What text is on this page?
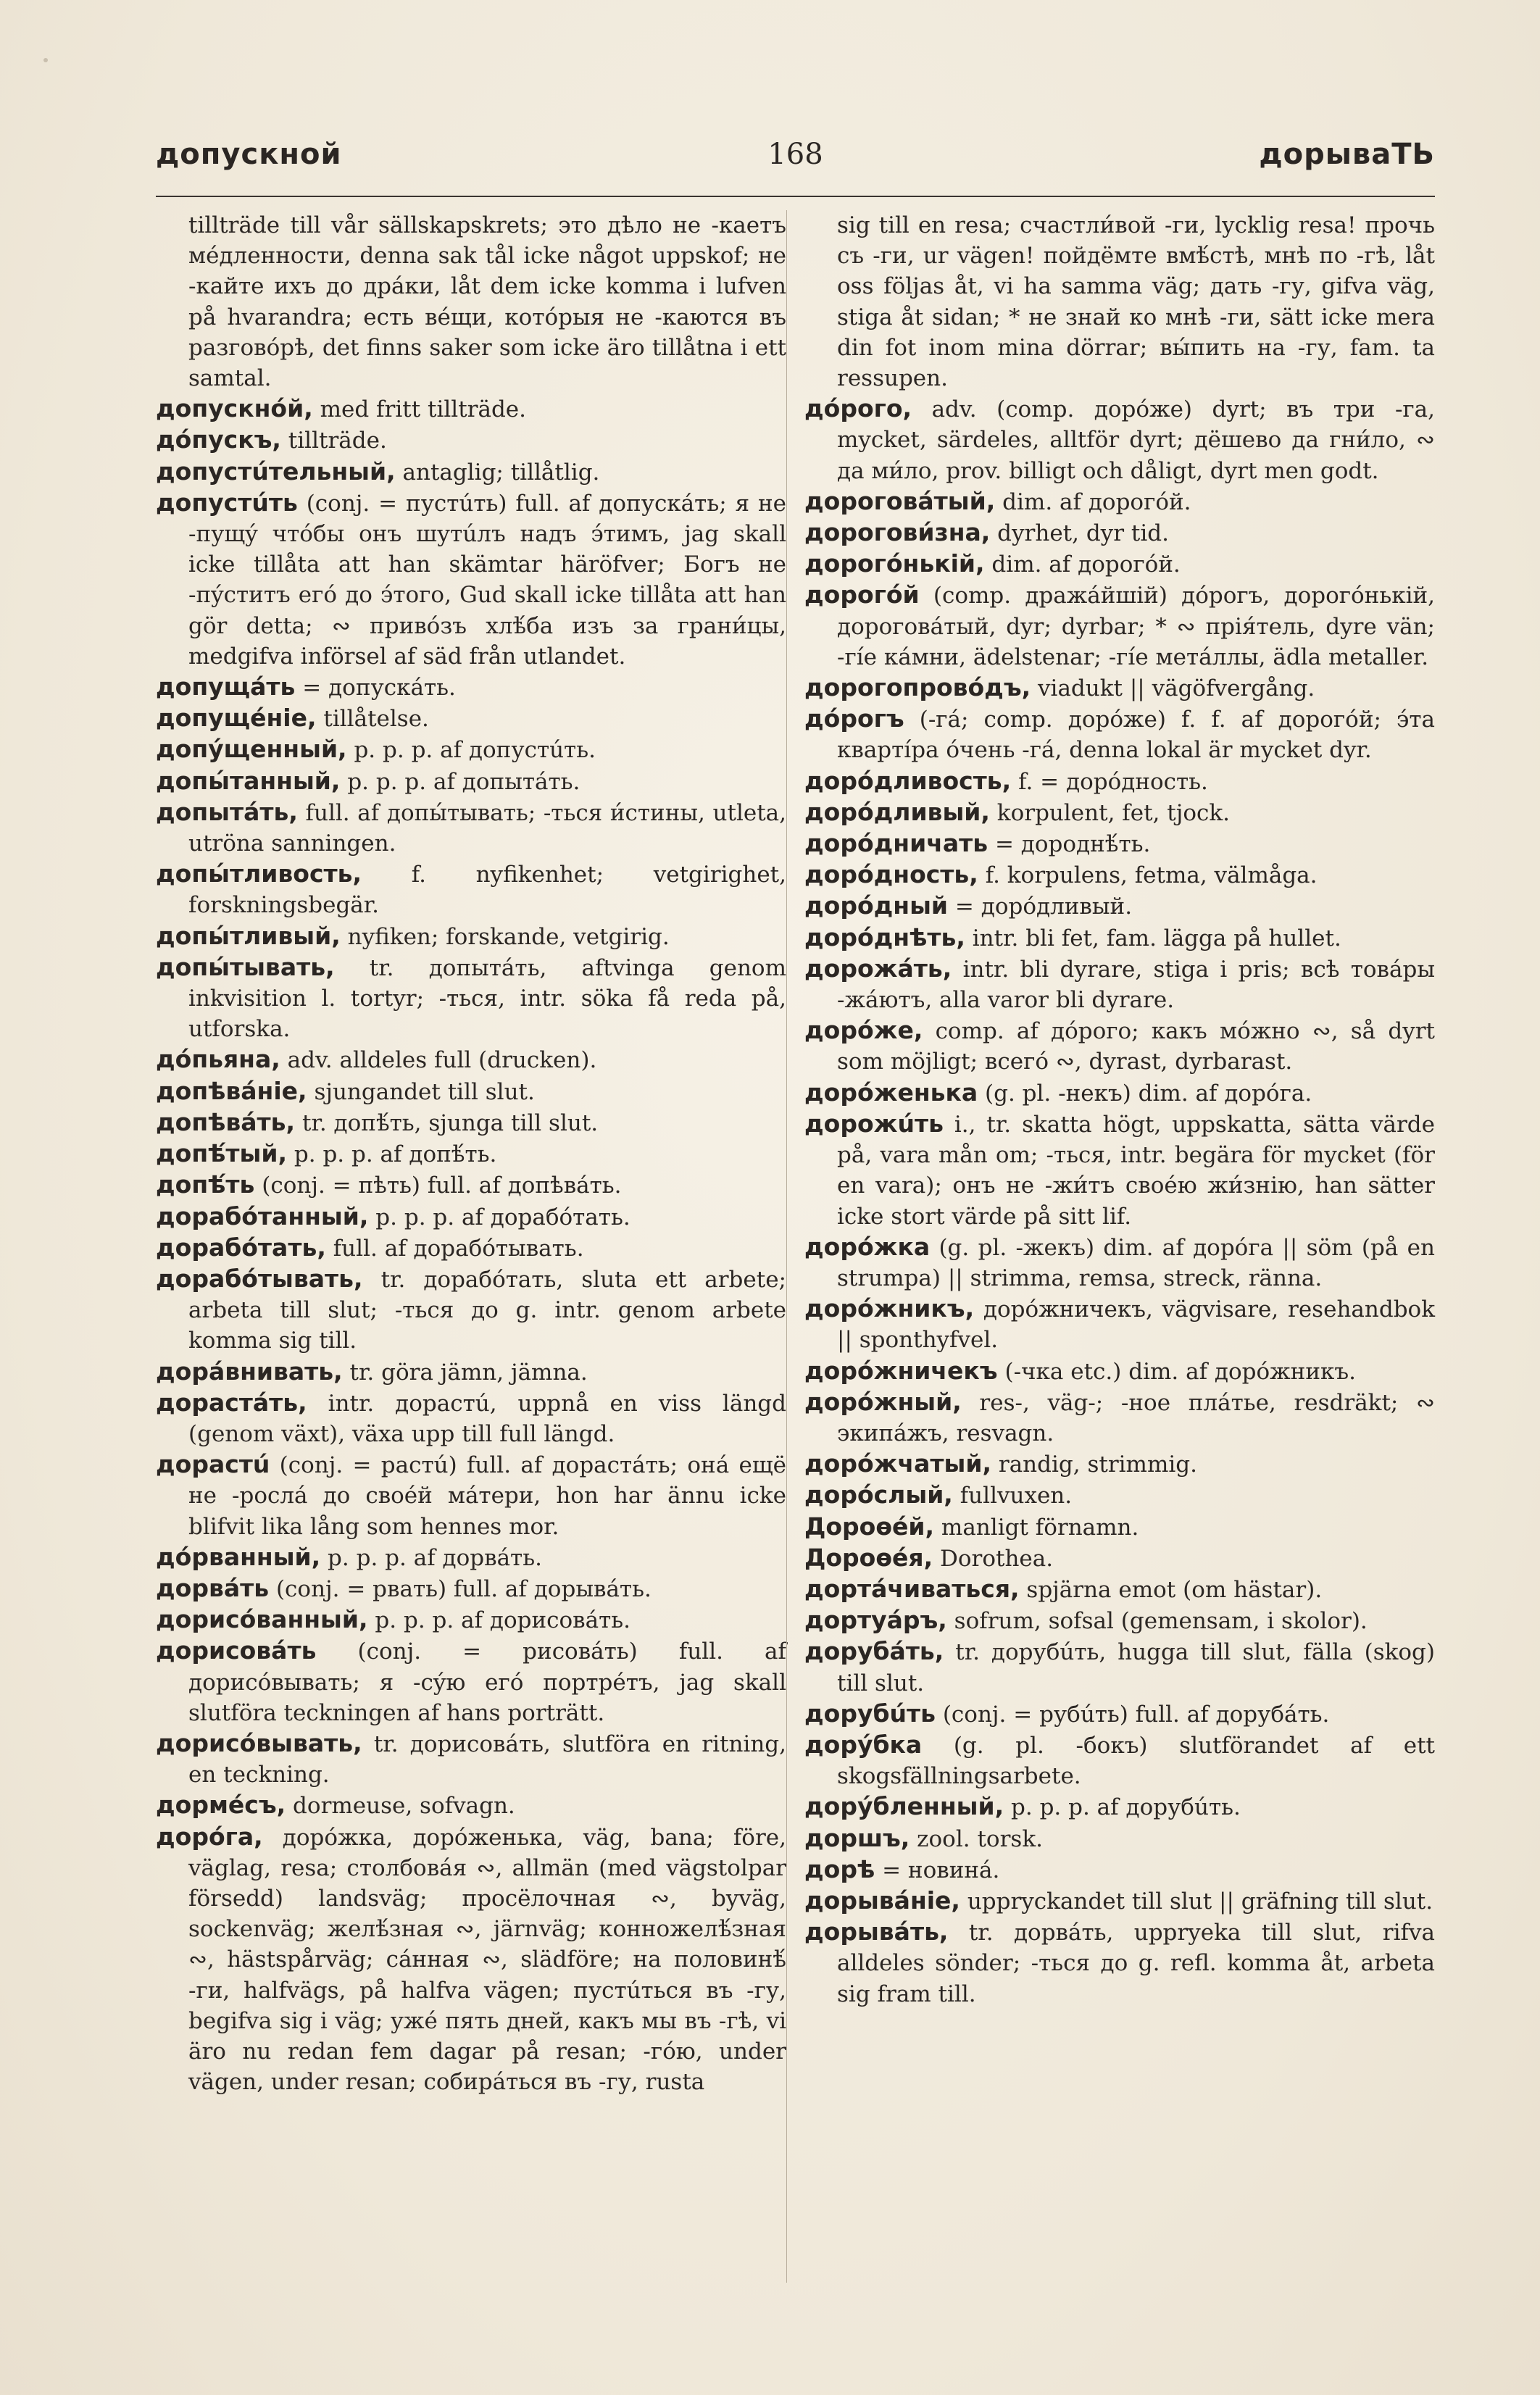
допускной	168	дорываТЬ

tillträde till vår sällskapskrets; это дѣло не -каетъ мéдленности, denna sak tål icke något uppskof; не -кайте ихъ до дрáки, låt dem icke komma i lufven på hvarandra; есть вéщи, котóрыя не -каются въ разговóрѣ, det finns saker som icke äro tillåtna i ett samtal.

допускнóй, med fritt tillträde.

дóпускъ, tillträde.

допустúтельный, antaglig; tillåtlig.

допустúть (conj. = пустúть) full. af допускáть; я не -пущý чтóбы онъ шутúлъ надъ э́тимъ, jag skall icke tillåta att han skämtar häröfver; Богъ не -пýститъ егó до э́того, Gud skall icke tillåta att han gör detta; ∾ привóзъ хлѣ́ба изъ за грани́цы, medgifva införsel af säd från utlandet.

допущáть = допускáть.

допущéніе, tillåtelse.

допýщенный, p. p. p. af допустúть.

допы́танный, p. p. p. af допытáть.

допытáть, full. af допы́тывать; -ться и́стины, utleta, utröna sanningen.

допы́тливость, f. nyfikenhet; vetgirighet, forskningsbegär.

допы́тливый, nyfiken; forskande, vetgirig.

допы́тывать, tr. допытáть, aftvinga genom inkvisition l. tortyr; -ться, intr. söka få reda på, utforska.

дóпьяна, adv. alldeles full (drucken).

допѣвáніе, sjungandet till slut.

допѣвáть, tr. допѣ́ть, sjunga till slut.

допѣ́тый, p. p. p. af допѣ́ть.

допѣ́ть (conj. = пѣть) full. af допѣвáть.

дорабóтанный, p. p. p. af дорабóтать.

дорабóтать, full. af дорабóтывать.

дорабóтывать, tr. дорабóтать, sluta ett arbete; arbeta till slut; -ться до g. intr. genom arbete komma sig till.

дорáвнивать, tr. göra jämn, jämna.

дорастáть, intr. дорастú, uppnå en viss längd (genom växt), växa upp till full längd.

дорастú (conj. = растú) full. af дорастáть; онá ещё не -рослá до своéй мáтери, hon har ännu icke blifvit lika lång som hennes mor.

дóрванный, p. p. p. af дорвáть.

дорвáть (conj. = рвать) full. af дорывáть.

дорисóванный, p. p. p. af дорисовáть.

дорисовáть (conj. = рисовáть) full. af дорисóвывать; я -сýю егó портрéтъ, jag skall slutföra teckningen af hans porträtt.

дорисóвывать, tr. дорисовáть, slutföra en ritning, en teckning.

дормéсъ, dormeuse, sofvagn.

дорóга, дорóжка, дорóженька, väg, bana; före, väglag, resa; столбовáя ∾, allmän (med vägstolpar försedd) landsväg; просёлочная ∾, byväg, sockenväg; желѣ́зная ∾, järnväg; конножелѣ́зная ∾, hästspårväg; сáнная ∾, slädföre; на половинѣ́ -ги, halfvägs, på halfva vägen; пустúться въ -гу, begifva sig i väg; ужé пять дней, какъ мы въ -гѣ, vi äro nu redan fem dagar på resan; -гóю, under vägen, under resan; собирáться въ -гу, rusta

sig till en resa; счастли́вой -ги, lycklig resa! прочь съ -ги, ur vägen! пойдёмте вмѣ́стѣ, мнѣ по -гѣ, låt oss följas åt, vi ha samma väg; дать -гу, gifva väg, stiga åt sidan; * не знай ко мнѣ -ги, sätt icke mera din fot inom mina dörrar; вы́пить на -гу, fam. ta ressupen.

дóрого, adv. (comp. дорóже) dyrt; въ три -га, mycket, särdeles, alltför dyrt; дёшево да гни́ло, ∾ да ми́ло, prov. billigt och dåligt, dyrt men godt.

дороговáтый, dim. af дорогóй.

дорогови́зна, dyrhet, dyr tid.

дорогóнькій, dim. af дорогóй.

дорогóй (comp. дражáйшій) дóрогъ, дорогóнькій, дороговáтый, dyr; dyrbar; * ∾ прія́тель, dyre vän; -гíе кáмни, ädelstenar; -гíе метáллы, ädla metaller.

дорогопровóдъ, viadukt || vägöfvergång.

дóрогъ (-гá; comp. дорóже) f. f. af дорогóй; э́та квартíра óчень -гá, denna lokal är mycket dyr.

дорóдливость, f. = дорóдность.

дорóдливый, korpulent, fet, tjock.

дорóдничать = дороднѣ́ть.

дорóдность, f. korpulens, fetma, välmåga.

дорóдный = дорóдливый.

дорóднѣть, intr. bli fet, fam. lägga på hullet.

дорожáть, intr. bli dyrare, stiga i pris; всѣ товáры -жáютъ, alla varor bli dyrare.

дорóже, comp. af дóрого; какъ мóжно ∾, så dyrt som möjligt; всегó ∾, dyrast, dyrbarast.

дорóженька (g. pl. -некъ) dim. af дорóга.

дорожúть i., tr. skatta högt, uppskatta, sätta värde på, vara mån om; -ться, intr. begära för mycket (för en vara); онъ не -жи́тъ своéю жи́знію, han sätter icke stort värde på sitt lif.

дорóжка (g. pl. -жекъ) dim. af дорóга || söm (på en strumpa) || strimma, remsa, streck, ränna.

дорóжникъ, дорóжничекъ, vägvisare, resehandbok || sponthyfvel.

дорóжничекъ (-чка etc.) dim. af дорóжникъ.

дорóжный, res-, väg-; -ное плáтье, resdräkt; ∾ экипáжъ, resvagn.

дорóжчатый, randig, strimmig.

дорóслый, fullvuxen.

Дороѳéй, manligt förnamn.

Дороѳéя, Dorothea.

дортáчиваться, spjärna emot (om hästar).

дортуáръ, sofrum, sofsal (gemensam, i skolor).

дорубáть, tr. дорубúть, hugga till slut, fälla (skog) till slut.

дорубúть (conj. = рубúть) full. af дорубáть.

дорýбка (g. pl. -бокъ) slutförandet af ett skogsfällningsarbete.

дорýбленный, p. p. p. af дорубúть.

доршъ, zool. torsk.

дорѣ = новинá.

дорывáніе, uppryckandet till slut || gräfning till slut.

дорывáть, tr. дорвáть, uppryeka till slut, rifva alldeles sönder; -ться до g. refl. komma åt, arbeta sig fram till.
